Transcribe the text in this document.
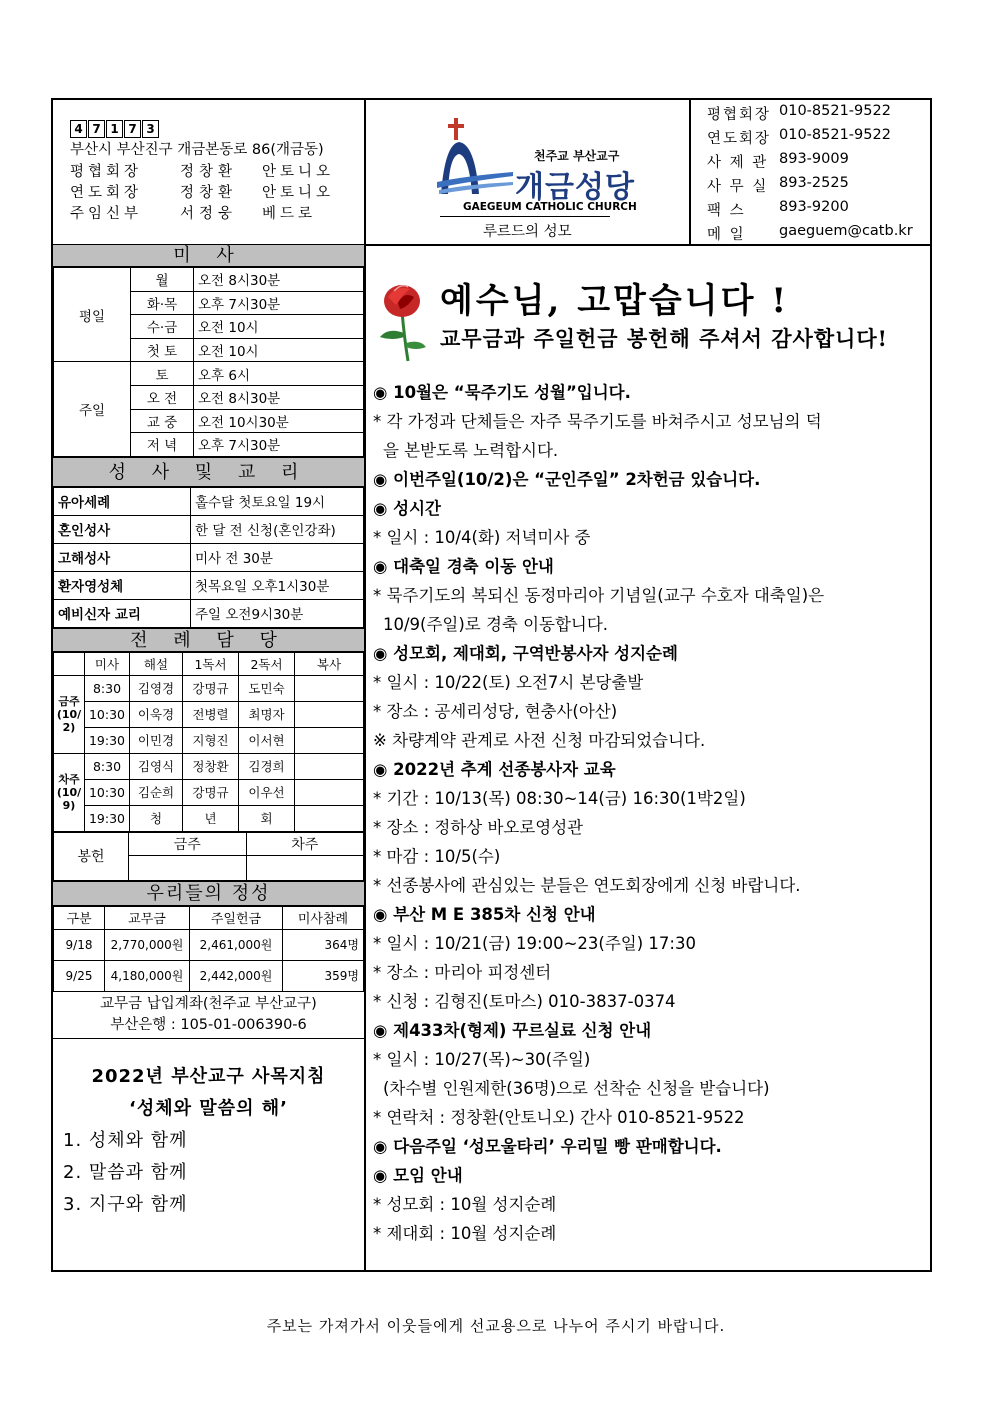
4 7 1 7 3
부산시 부산진구 개금본동로 86(개금동)
평협회장	정창환	안토니오
연도회장	정창환	안토니오
주임신부	서정웅	베드로
천주교 부산교구
개금성당
GAEGEUM CATHOLIC CHURCH
루르드의 성모
평협회장 010-8521-9522
연도회장 010-8521-9522
사 제 관 893-9009
사 무 실 893-2525
팩 스	893-9200
메 일	gaeguem@catb.kr
미 사
평일	월	오전 8시30분
	화·목	오후 7시30분
	수·금	오전 10시
	첫 토	오전 10시
주일	토	오후 6시
	오 전	오전 8시30분
	교 중	오전 10시30분
	저 녁	오후 7시30분
성 사 및 교 리
유아세례	홀수달 첫토요일 19시
혼인성사	한 달 전 신청(혼인강좌)
고해성사	미사 전 30분
환자영성체	첫목요일 오후1시30분
예비신자 교리	주일 오전9시30분
전 례 담 당
	미사	해설	1독서	2독서	복사
금주(10/2)	8:30	김영경	강명규	도민숙	
	10:30	이욱경	전병렬	최명자	
	19:30	이민경	지형진	이서현	
차주(10/9)	8:30	김영식	정창환	김경희	
	10:30	김순희	강명규	이우선	
	19:30	청	년	회	
봉헌	금주	차주

우리들의 정성
구분	교무금	주일헌금	미사참례
9/18	2,770,000원	2,461,000원	364명
9/25	4,180,000원	2,442,000원	359명
교무금 납입계좌(천주교 부산교구)
부산은행 : 105-01-006390-6
2022년 부산교구 사목지침
‘성체와 말씀의 해’
1. 성체와 함께
2. 말씀과 함께
3. 지구와 함께
예수님, 고맙습니다 !
교무금과 주일헌금 봉헌해 주셔서 감사합니다!
◉ 10월은 “묵주기도 성월”입니다.
* 각 가정과 단체들은 자주 묵주기도를 바쳐주시고 성모님의 덕
을 본받도록 노력합시다.
◉ 이번주일(10/2)은 “군인주일” 2차헌금 있습니다.
◉ 성시간
* 일시 : 10/4(화) 저녁미사 중
◉ 대축일 경축 이동 안내
* 묵주기도의 복되신 동정마리아 기념일(교구 수호자 대축일)은
10/9(주일)로 경축 이동합니다.
◉ 성모회, 제대회, 구역반봉사자 성지순례
* 일시 : 10/22(토) 오전7시 본당출발
* 장소 : 공세리성당, 현충사(아산)
※ 차량계약 관계로 사전 신청 마감되었습니다.
◉ 2022년 추계 선종봉사자 교육
* 기간 : 10/13(목) 08:30~14(금) 16:30(1박2일)
* 장소 : 정하상 바오로영성관
* 마감 : 10/5(수)
* 선종봉사에 관심있는 분들은 연도회장에게 신청 바랍니다.
◉ 부산 M E 385차 신청 안내
* 일시 : 10/21(금) 19:00~23(주일) 17:30
* 장소 : 마리아 피정센터
* 신청 : 김형진(토마스) 010-3837-0374
◉ 제433차(형제) 꾸르실료 신청 안내
* 일시 : 10/27(목)~30(주일)
(차수별 인원제한(36명)으로 선착순 신청을 받습니다)
* 연락처 : 정창환(안토니오) 간사 010-8521-9522
◉ 다음주일 ‘성모울타리’ 우리밀 빵 판매합니다.
◉ 모임 안내
* 성모회 : 10월 성지순례
* 제대회 : 10월 성지순례
주보는 가져가서 이웃들에게 선교용으로 나누어 주시기 바랍니다.
